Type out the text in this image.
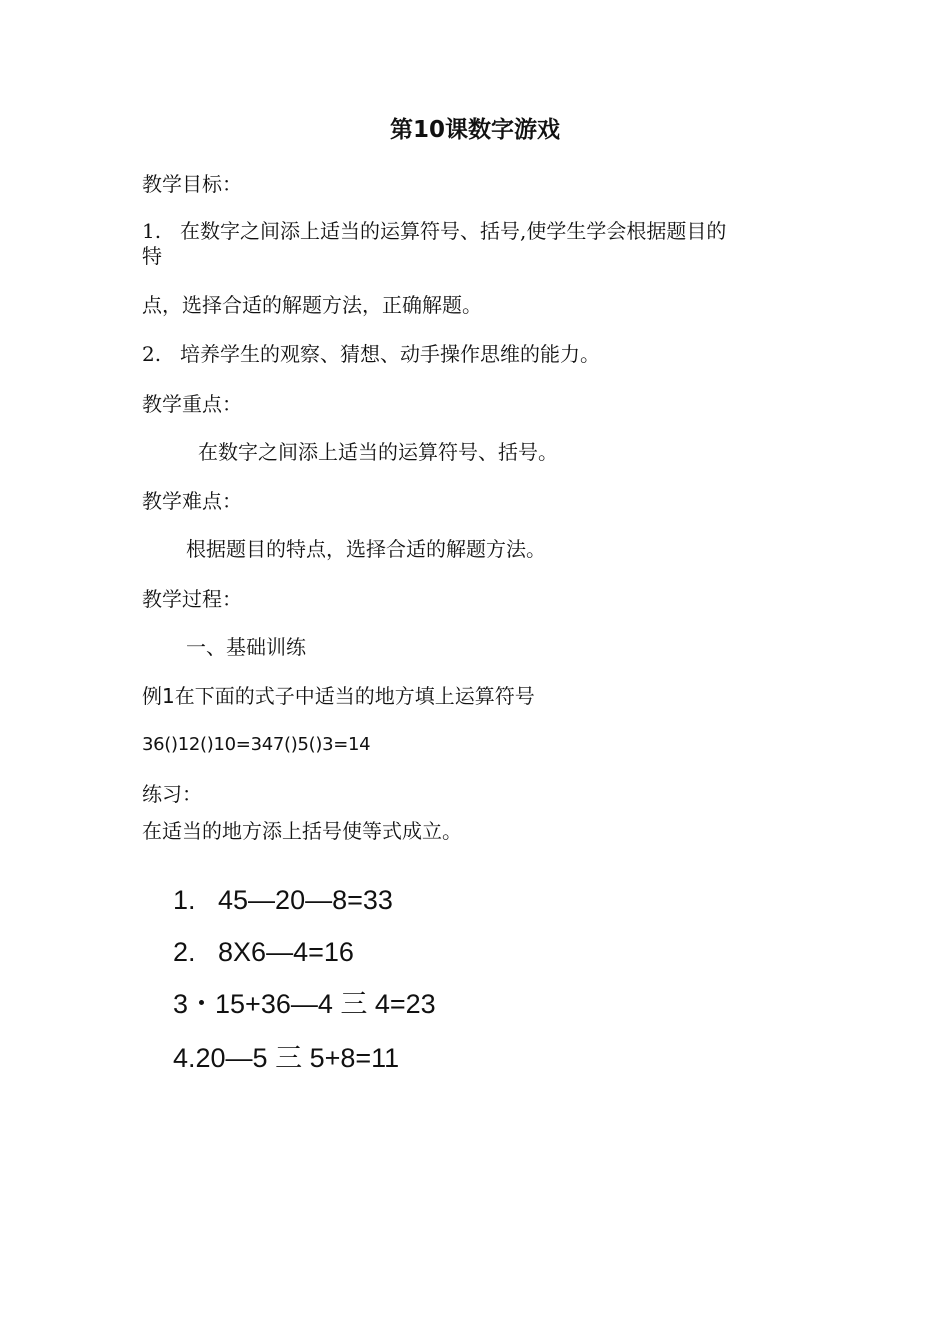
第10课数字游戏
教学目标：
1. 在数字之间添上适当的运算符号、括号,使学生学会根据题目的
特
点，选择合适的解题方法，正确解题。
2. 培养学生的观察、猜想、动手操作思维的能力。
教学重点：
在数字之间添上适当的运算符号、括号。
教学难点：
根据题目的特点，选择合适的解题方法。
教学过程：
一、基础训练
例1在下面的式子中适当的地方填上运算符号
36()12()10=347()5()3=14
练习：
在适当的地方添上括号使等式成立。
1.   45—20—8=33
2.   8X6—4=16
3・15+36—4 三 4=23
4.20—5 三 5+8=11
